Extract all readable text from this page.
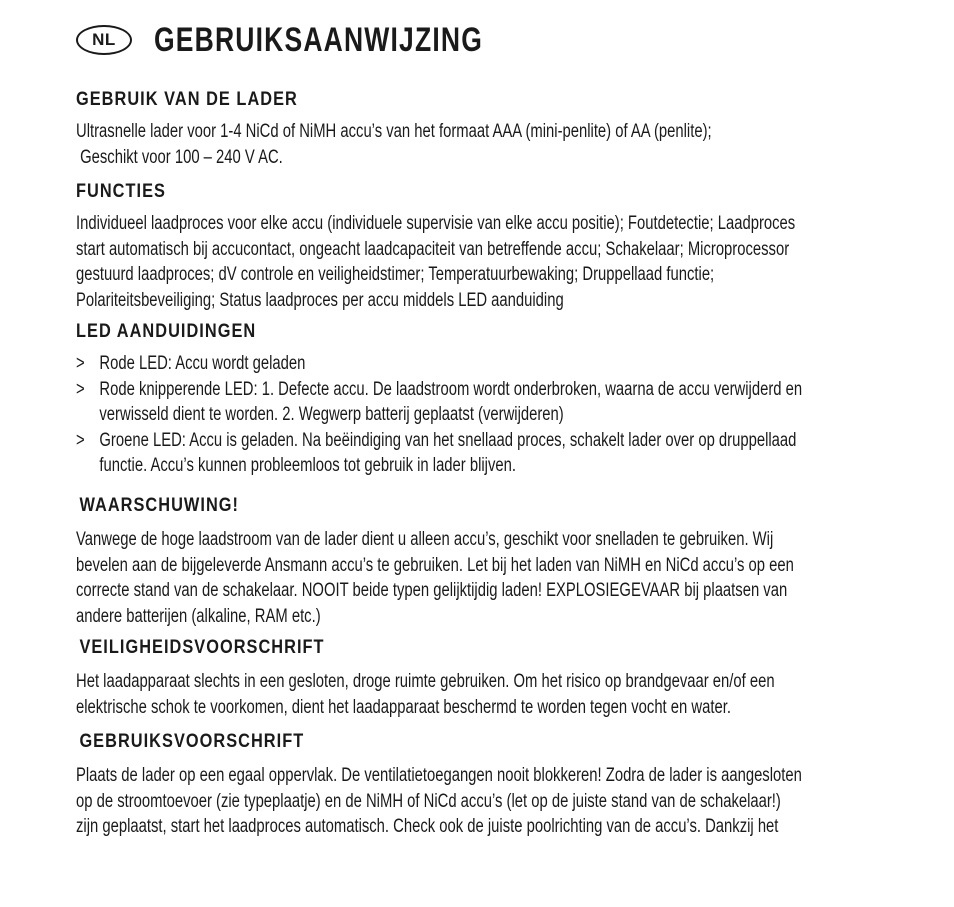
NL	GEBRUIKSAANWIJZING
GEBRUIK VAN DE LADER

Ultrasnelle lader voor 1-4 NiCd of NiMH accu’s van het formaat AAA (mini-penlite) of AA (penlite);
Geschikt voor 100 – 240 V AC.

FUNCTIES

Individueel laadproces voor elke accu (individuele supervisie van elke accu positie); Foutdetectie; Laadproces
start automatisch bij accucontact, ongeacht laadcapaciteit van betreffende accu; Schakelaar; Microprocessor
gestuurd laadproces; dV controle en veiligheidstimer; Temperatuurbewaking; Druppellaad functie;
Polariteitsbeveiliging; Status laadproces per accu middels LED aanduiding

LED AANDUIDINGEN
> Rode LED: Accu wordt geladen
> Rode knipperende LED: 1. Defecte accu. De laadstroom wordt onderbroken, waarna de accu verwijderd en
verwisseld dient te worden. 2. Wegwerp batterij geplaatst (verwijderen)
> Groene LED: Accu is geladen. Na beëindiging van het snellaad proces, schakelt lader over op druppellaad
functie. Accu’s kunnen probleemloos tot gebruik in lader blijven.
WAARSCHUWING!

Vanwege de hoge laadstroom van de lader dient u alleen accu’s, geschikt voor snelladen te gebruiken. Wij
bevelen aan de bijgeleverde Ansmann accu’s te gebruiken. Let bij het laden van NiMH en NiCd accu’s op een
correcte stand van de schakelaar. NOOIT beide typen gelijktijdig laden! EXPLOSIEGEVAAR bij plaatsen van
andere batterijen (alkaline, RAM etc.)

VEILIGHEIDSVOORSCHRIFT

Het laadapparaat slechts in een gesloten, droge ruimte gebruiken. Om het risico op brandgevaar en/of een
elektrische schok te voorkomen, dient het laadapparaat beschermd te worden tegen vocht en water.

GEBRUIKSVOORSCHRIFT

Plaats de lader op een egaal oppervlak. De ventilatietoegangen nooit blokkeren! Zodra de lader is aangesloten
op de stroomtoevoer (zie typeplaatje) en de NiMH of NiCd accu’s (let op de juiste stand van de schakelaar!)
zijn geplaatst, start het laadproces automatisch. Check ook de juiste poolrichting van de accu’s. Dankzij het
